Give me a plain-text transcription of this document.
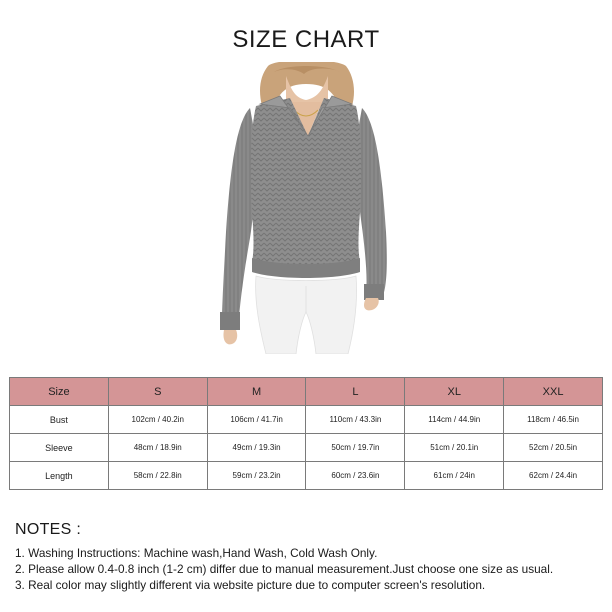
SIZE CHART
Size	S	M	L	XL	XXL
Bust	102cm / 40.2in	106cm / 41.7in	110cm / 43.3in	114cm / 44.9in	118cm / 46.5in
Sleeve	48cm / 18.9in	49cm / 19.3in	50cm / 19.7in	51cm / 20.1in	52cm / 20.5in
Length	58cm / 22.8in	59cm / 23.2in	60cm / 23.6in	61cm / 24in	62cm / 24.4in
NOTES :
1. Washing Instructions: Machine wash,Hand Wash, Cold Wash Only.
2. Please allow 0.4-0.8 inch (1-2 cm) differ due to manual measurement.Just choose one size as usual.
3. Real color may slightly different via website picture due to computer screen's resolution.
